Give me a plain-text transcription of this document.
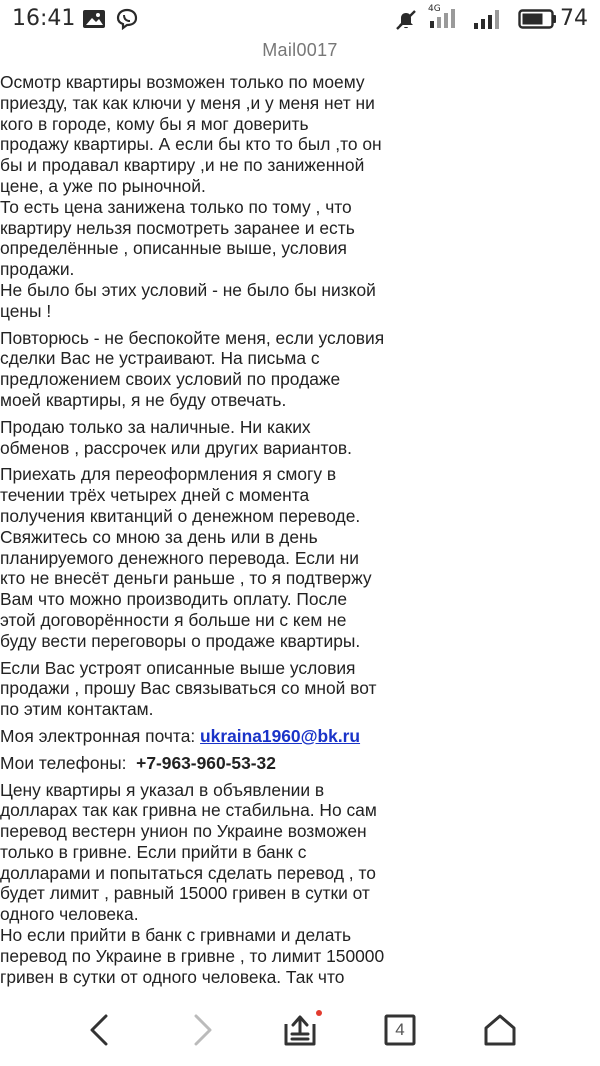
16:41	4G	74
Mail0017

Осмотр квартиры возможен только по моему
приезду, так как ключи у меня ,и у меня нет ни
кого в городе, кому бы я мог доверить
продажу квартиры. А если бы кто то был ,то он
бы и продавал квартиру ,и не по заниженной
цене, а уже по рыночной.
То есть цена занижена только по тому , что
квартиру нельзя посмотреть заранее и есть
определённые , описанные выше, условия
продажи.
Не было бы этих условий - не было бы низкой
цены !

Повторюсь - не беспокойте меня, если условия
сделки Вас не устраивают. На письма с
предложением своих условий по продаже
моей квартиры, я не буду отвечать.

Продаю только за наличные. Ни каких
обменов , рассрочек или других вариантов.

Приехать для переоформления я смогу в
течении трёх четырех дней с момента
получения квитанций о денежном переводе.
Свяжитесь со мною за день или в день
планируемого денежного перевода. Если ни
кто не внесёт деньги раньше , то я подтвержу
Вам что можно производить оплату. После
этой договорённости я больше ни с кем не
буду вести переговоры о продаже квартиры.

Если Вас устроят описанные выше условия
продажи , прошу Вас связываться со мной вот
по этим контактам.

Моя электронная почта: ukraina1960@bk.ru
Мои телефоны:  +7-963-960-53-32

Цену квартиры я указал в объявлении в
долларах так как гривна не стабильна. Но сам
перевод вестерн унион по Украине возможен
только в гривне. Если прийти в банк с
долларами и попытаться сделать перевод , то
будет лимит , равный 15000 гривен в сутки от
одного человека.
Но если прийти в банк с гривнами и делать
перевод по Украине в гривне , то лимит 150000
гривен в сутки от одного человека. Так что

4
